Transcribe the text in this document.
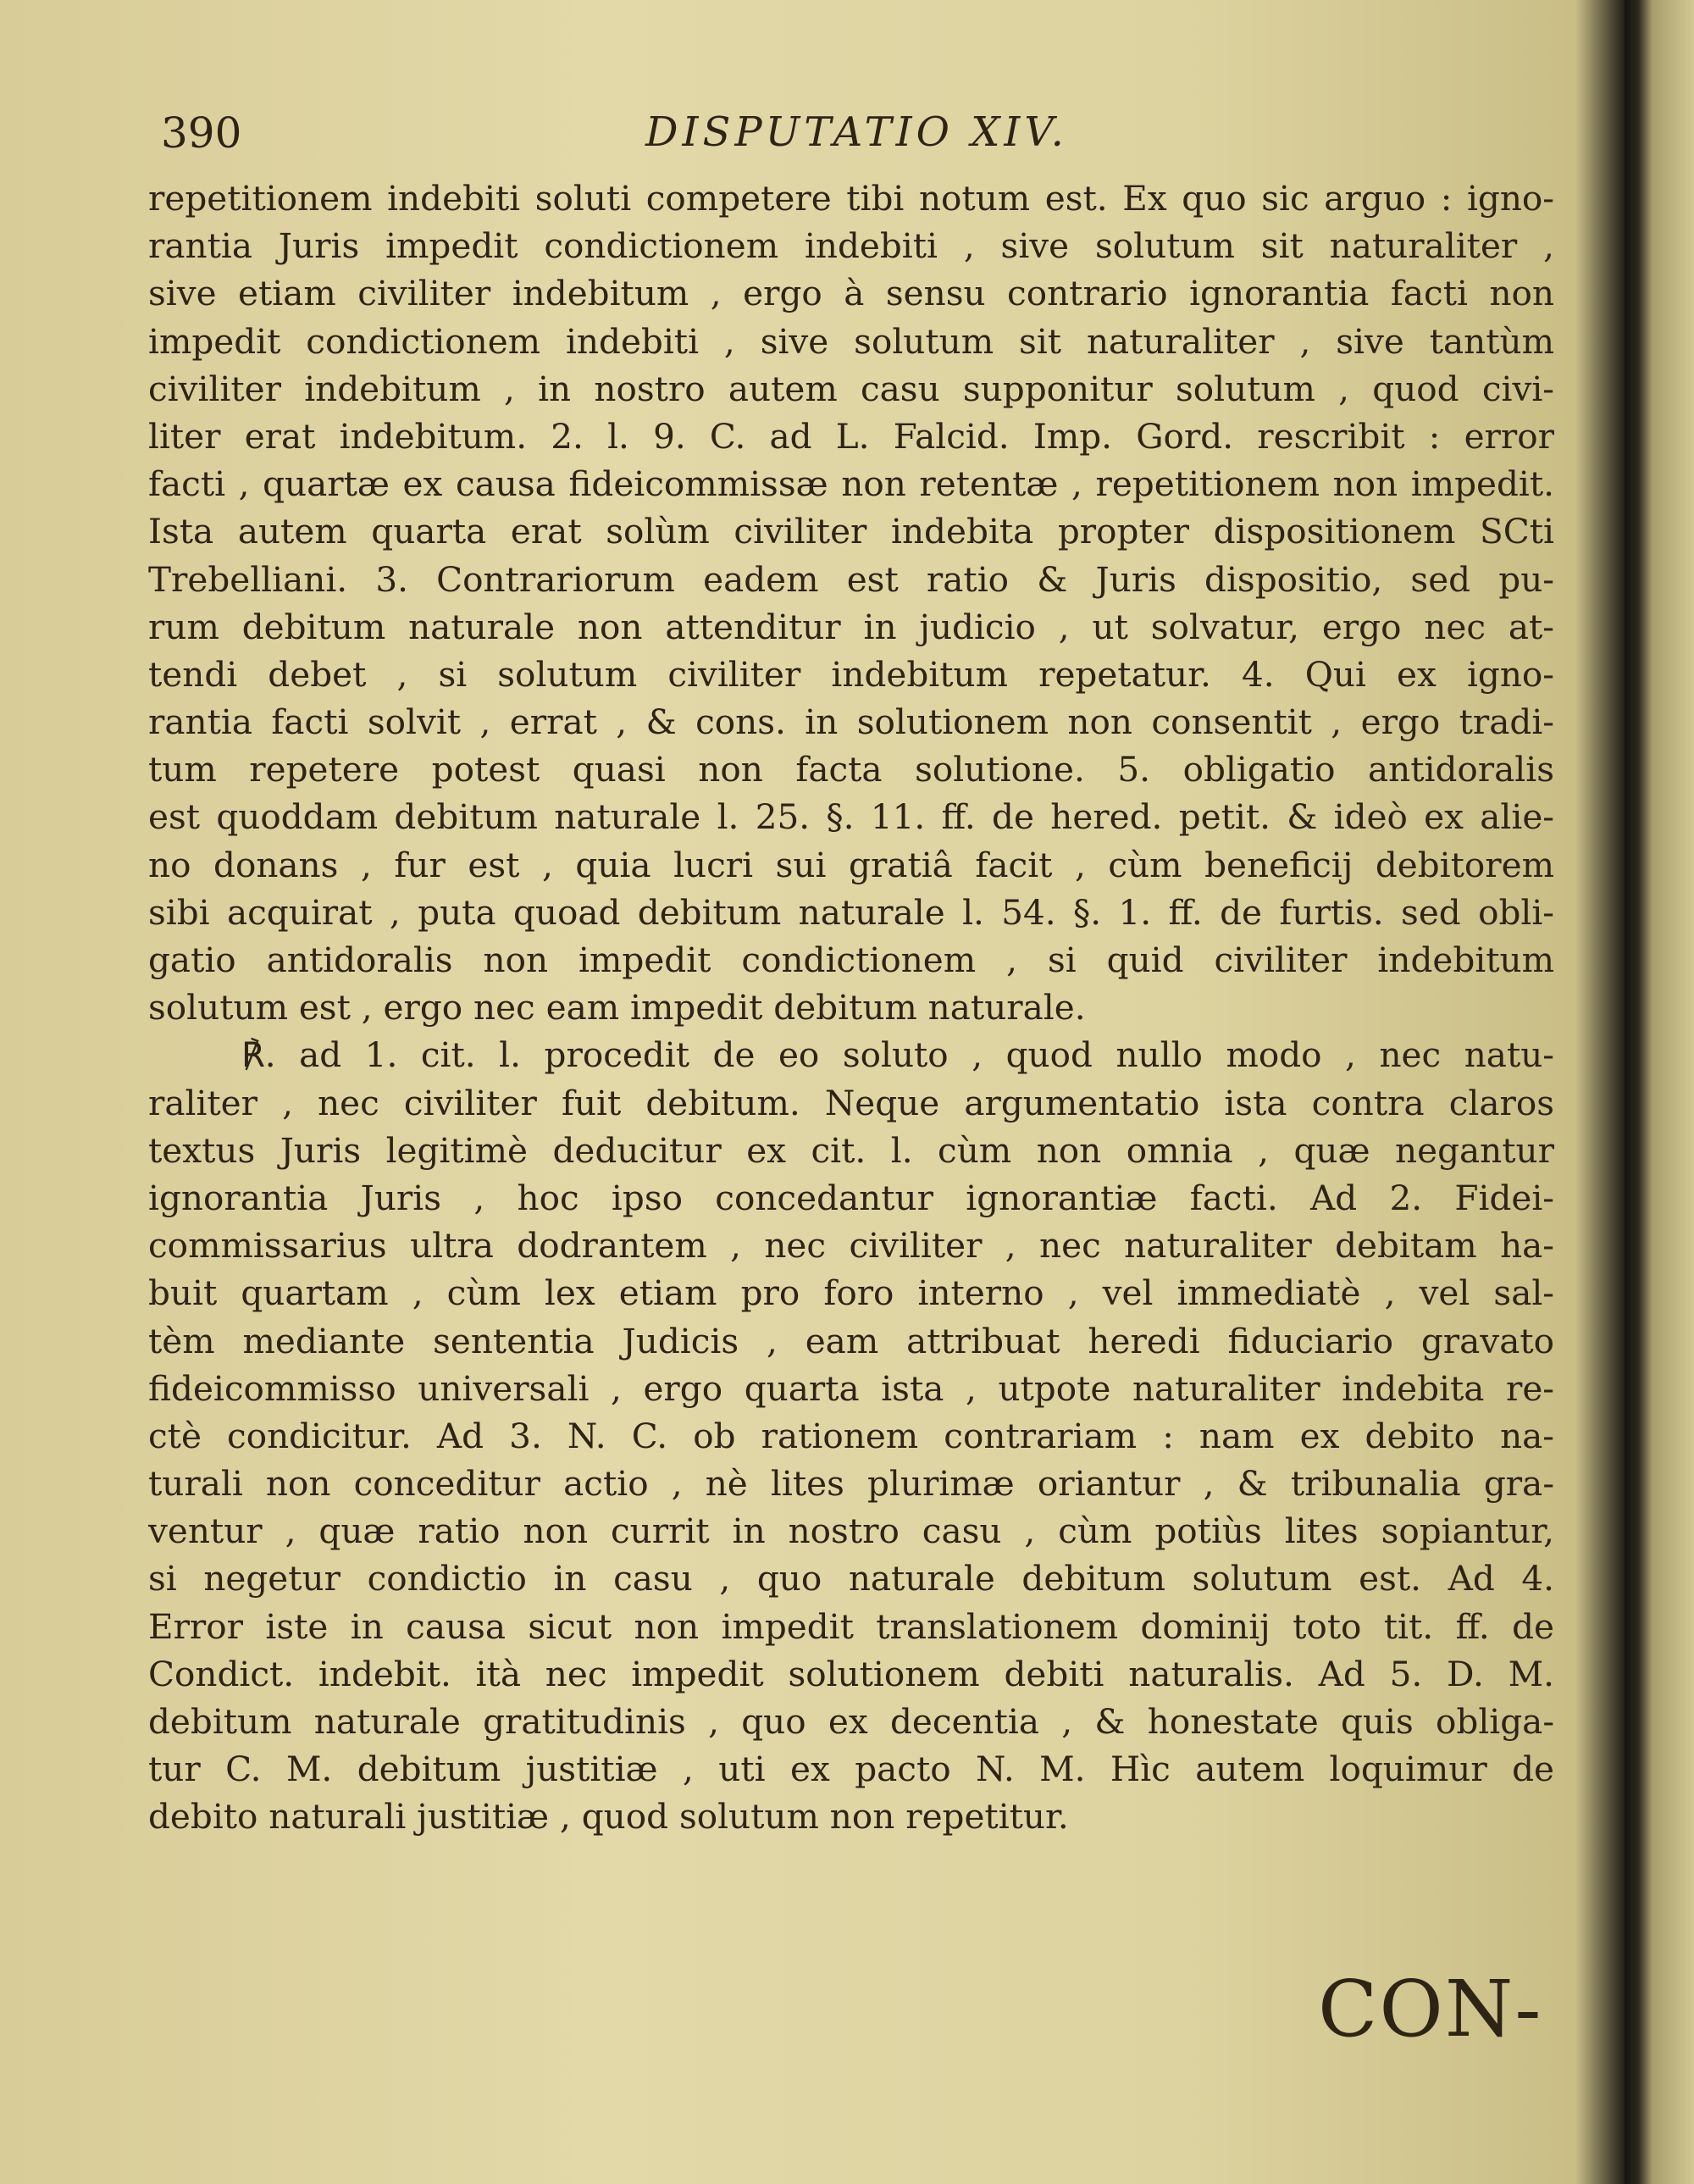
390	DISPUTATIO XIV.
repetitionem indebiti soluti competere tibi notum est. Ex quo sic arguo : igno-
rantia Juris impedit condictionem indebiti , sive solutum sit naturaliter ,
sive etiam civiliter indebitum , ergo à sensu contrario ignorantia facti non
impedit condictionem indebiti , sive solutum sit naturaliter , sive tantùm
civiliter indebitum , in nostro autem casu supponitur solutum , quod civi-
liter erat indebitum. 2. l. 9. C. ad L. Falcid. Imp. Gord. rescribit : error
facti , quartæ ex causa fideicommissæ non retentæ , repetitionem non impedit.
Ista autem quarta erat solùm civiliter indebita propter dispositionem SCti
Trebelliani. 3. Contrariorum eadem est ratio & Juris dispositio, sed pu-
rum debitum naturale non attenditur in judicio , ut solvatur, ergo nec at-
tendi debet , si solutum civiliter indebitum repetatur. 4. Qui ex igno-
rantia facti solvit , errat , & cons. in solutionem non consentit , ergo tradi-
tum repetere potest quasi non facta solutione. 5. obligatio antidoralis
est quoddam debitum naturale l. 25. §. 11. ff. de hered. petit. & ideò ex alie-
no donans , fur est , quia lucri sui gratiâ facit , cùm beneficij debitorem
sibi acquirat , puta quoad debitum naturale l. 54. §. 1. ff. de furtis. sed obli-
gatio antidoralis non impedit condictionem , si quid civiliter indebitum
solutum est , ergo nec eam impedit debitum naturale.
℟. ad 1. cit. l. procedit de eo soluto , quod nullo modo , nec natu-
raliter , nec civiliter fuit debitum. Neque argumentatio ista contra claros
textus Juris legitimè deducitur ex cit. l. cùm non omnia , quæ negantur
ignorantia Juris , hoc ipso concedantur ignorantiæ facti. Ad 2. Fidei-
commissarius ultra dodrantem , nec civiliter , nec naturaliter debitam ha-
buit quartam , cùm lex etiam pro foro interno , vel immediatè , vel sal-
tèm mediante sententia Judicis , eam attribuat heredi fiduciario gravato
fideicommisso universali , ergo quarta ista , utpote naturaliter indebita re-
ctè condicitur. Ad 3. N. C. ob rationem contrariam : nam ex debito na-
turali non conceditur actio , nè lites plurimæ oriantur , & tribunalia gra-
ventur , quæ ratio non currit in nostro casu , cùm potiùs lites sopiantur,
si negetur condictio in casu , quo naturale debitum solutum est. Ad 4.
Error iste in causa sicut non impedit translationem dominij toto tit. ff. de
Condict. indebit. ità nec impedit solutionem debiti naturalis. Ad 5. D. M.
debitum naturale gratitudinis , quo ex decentia , & honestate quis obliga-
tur C. M. debitum justitiæ , uti ex pacto N. M. Hìc autem loquimur de
debito naturali justitiæ , quod solutum non repetitur.
CON-
